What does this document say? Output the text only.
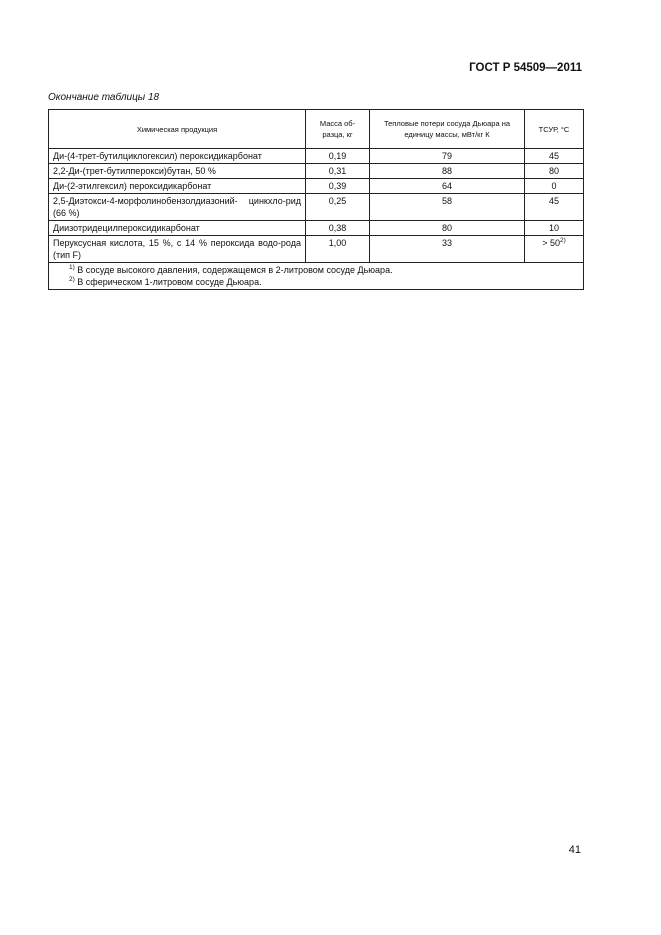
ГОСТ Р 54509—2011
Окончание таблицы 18
Химическая продукция	Масса об-разца, кг	Тепловые потери сосуда Дьюара на единицу массы, мВт/кг К	ТСУР, °С
Ди-(4-трет-бутилциклогексил) пероксидикарбонат	0,19	79	45
2,2-Ди-(трет-бутилперокси)бутан, 50 %	0,31	88	80
Ди-(2-этилгексил) пероксидикарбонат	0,39	64	0
2,5-Диэтокси-4-морфолинобензолдиазоний- цинкхло-рид (66 %)	0,25	58	45
Диизотридецилпероксидикарбонат	0,38	80	10
Перуксусная кислота, 15 %, с 14 % пероксида водо-рода (тип F)	1,00	33	> $50^{2)}$

$^{1)}$ В сосуде высокого давления, содержащемся в 2-литровом сосуде Дьюара.
$^{2)}$ В сферическом 1-литровом сосуде Дьюара.			
41
